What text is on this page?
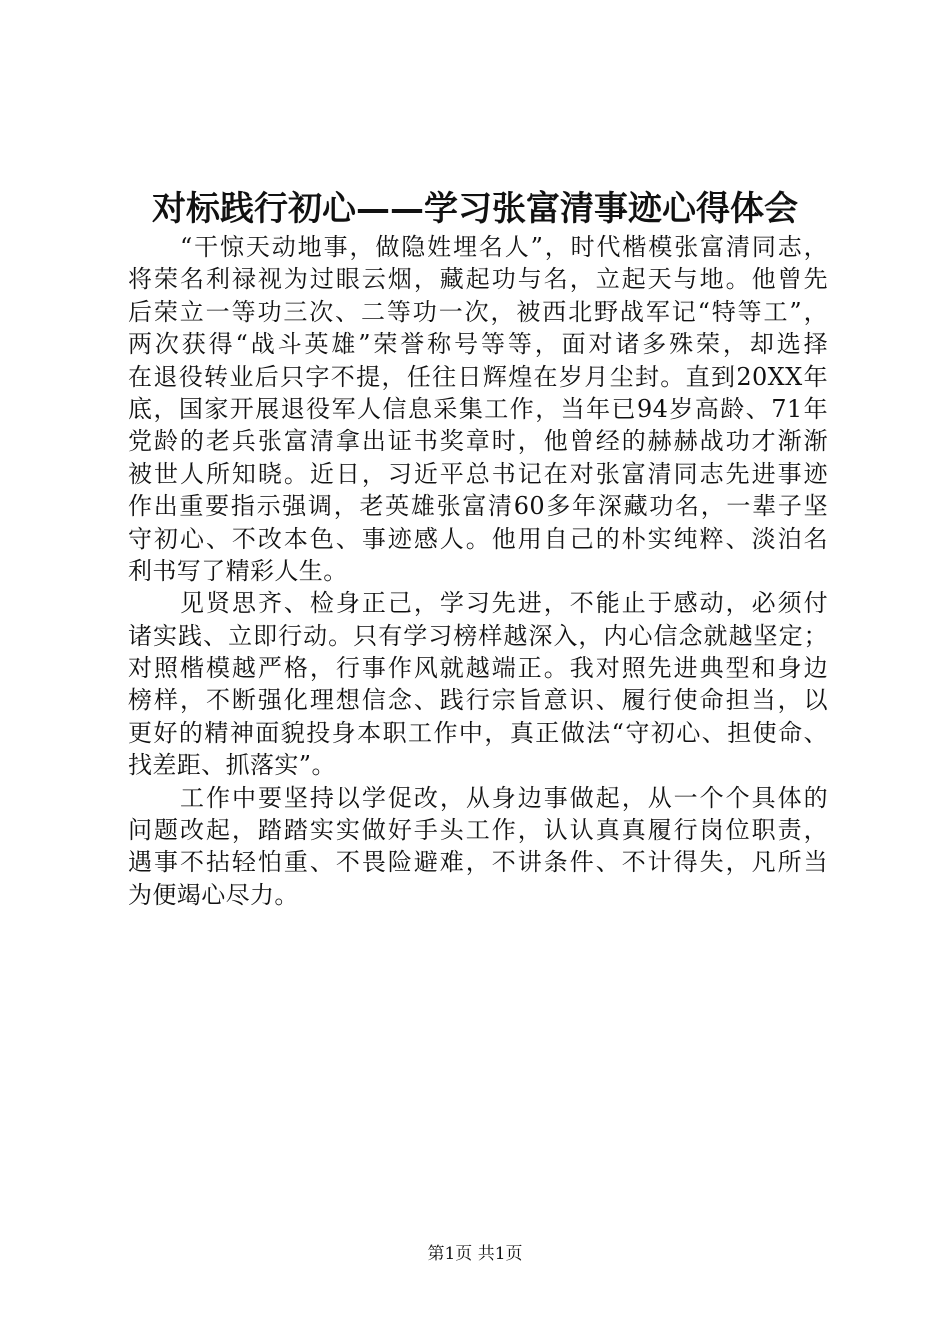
对标践行初心——学习张富清事迹心得体会
“干惊天动地事，做隐姓埋名人”，时代楷模张富清同志，
将荣名利禄视为过眼云烟，藏起功与名，立起天与地。他曾先
后荣立一等功三次、二等功一次，被西北野战军记“特等工”，
两次获得“战斗英雄”荣誉称号等等，面对诸多殊荣，却选择
在退役转业后只字不提，任往日辉煌在岁月尘封。直到20XX年
底，国家开展退役军人信息采集工作，当年已94岁高龄、71年
党龄的老兵张富清拿出证书奖章时，他曾经的赫赫战功才渐渐
被世人所知晓。近日，习近平总书记在对张富清同志先进事迹
作出重要指示强调，老英雄张富清60多年深藏功名，一辈子坚
守初心、不改本色、事迹感人。他用自己的朴实纯粹、淡泊名
利书写了精彩人生。
见贤思齐、检身正己，学习先进，不能止于感动，必须付
诸实践、立即行动。只有学习榜样越深入，内心信念就越坚定；
对照楷模越严格，行事作风就越端正。我对照先进典型和身边
榜样，不断强化理想信念、践行宗旨意识、履行使命担当，以
更好的精神面貌投身本职工作中，真正做法“守初心、担使命、
找差距、抓落实”。
工作中要坚持以学促改，从身边事做起，从一个个具体的
问题改起，踏踏实实做好手头工作，认认真真履行岗位职责，
遇事不拈轻怕重、不畏险避难，不讲条件、不计得失，凡所当
为便竭心尽力。
第1页 共1页
